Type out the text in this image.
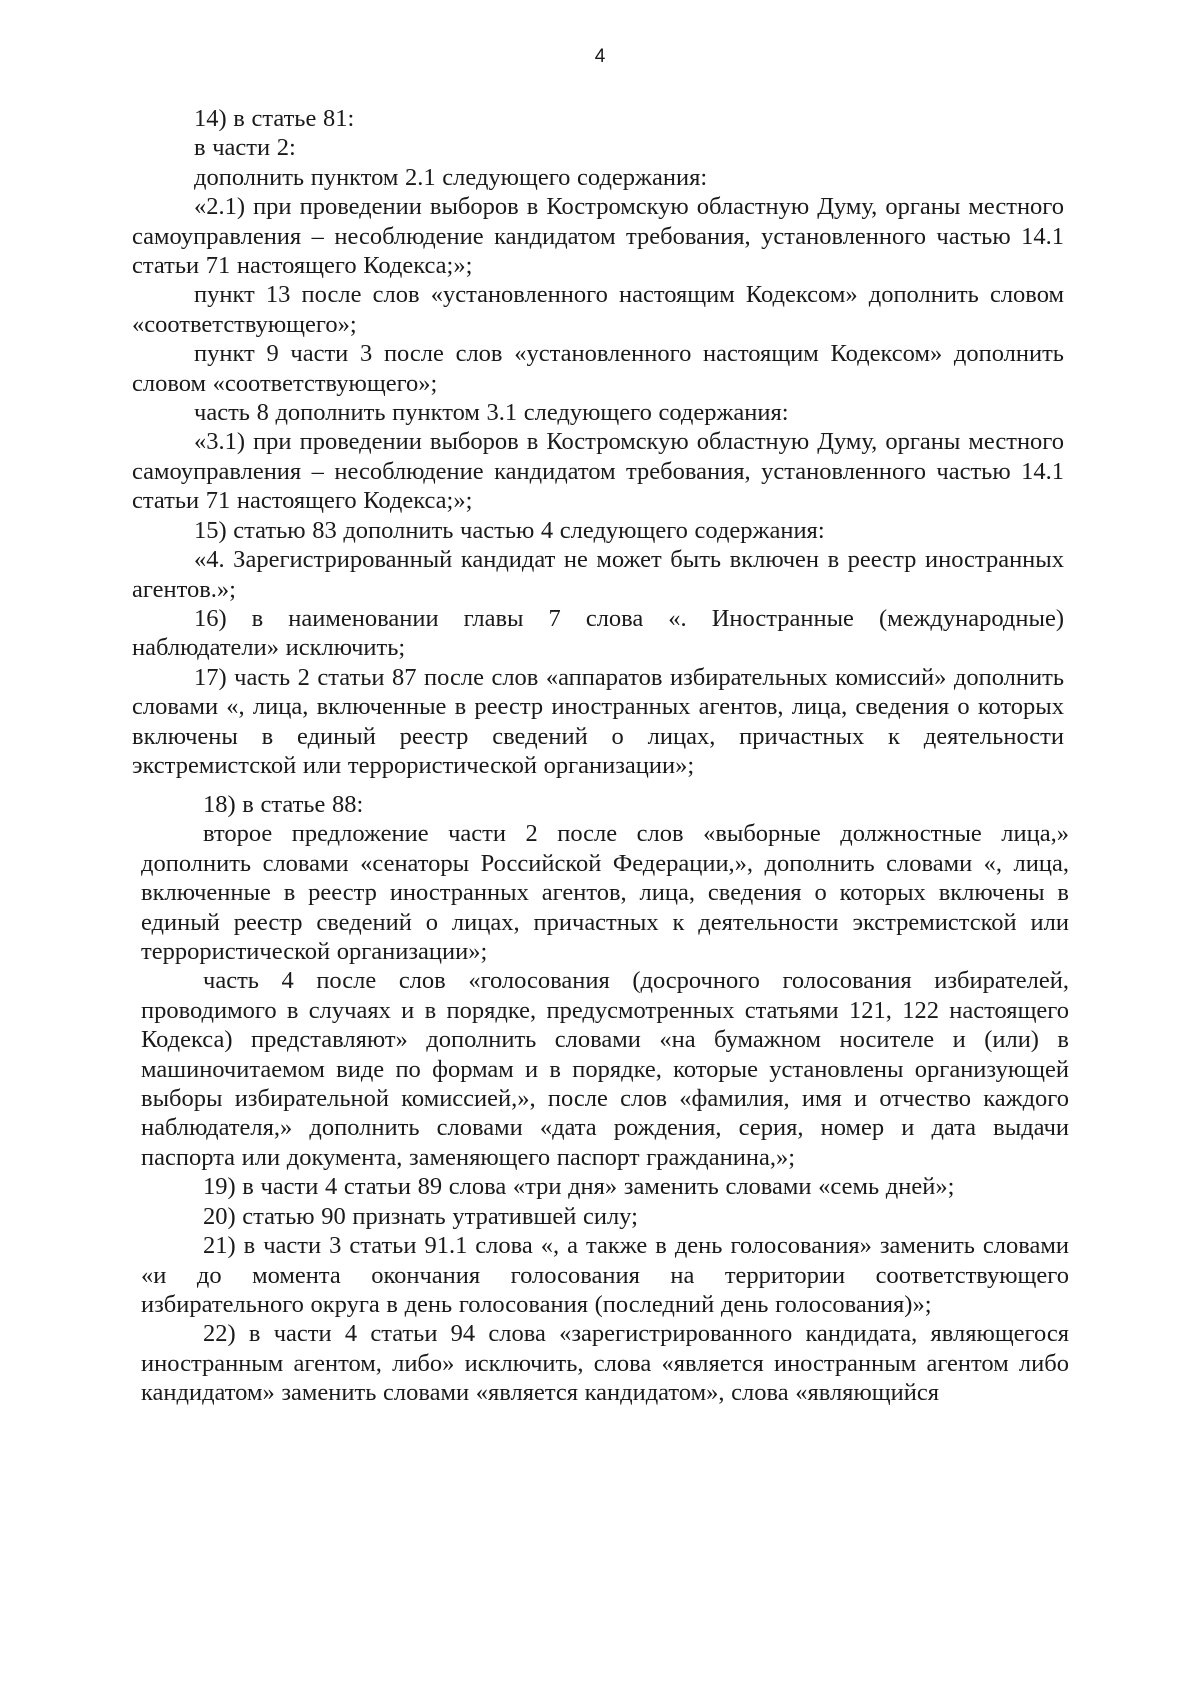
4

14) в статье 81:

в части 2:

дополнить пунктом 2.1 следующего содержания:

«2.1) при проведении выборов в Костромскую областную Думу, органы местного самоуправления – несоблюдение кандидатом требования, установленного частью 14.1 статьи 71 настоящего Кодекса;»;

пункт 13 после слов «установленного настоящим Кодексом» дополнить словом «соответствующего»;

пункт 9 части 3 после слов «установленного настоящим Кодексом» дополнить словом «соответствующего»;

часть 8 дополнить пунктом 3.1 следующего содержания:

«3.1) при проведении выборов в Костромскую областную Думу, органы местного самоуправления – несоблюдение кандидатом требования, установленного частью 14.1 статьи 71 настоящего Кодекса;»;

15) статью 83 дополнить частью 4 следующего содержания:

«4. Зарегистрированный кандидат не может быть включен в реестр иностранных агентов.»;

16) в наименовании главы 7 слова «. Иностранные (международные) наблюдатели» исключить;

17) часть 2 статьи 87 после слов «аппаратов избирательных комиссий» дополнить словами «, лица, включенные в реестр иностранных агентов, лица, сведения о которых включены в единый реестр сведений о лицах, причастных к деятельности экстремистской или террористической организации»;

18) в статье 88:

второе предложение части 2 после слов «выборные должностные лица,» дополнить словами «сенаторы Российской Федерации,», дополнить словами «, лица, включенные в реестр иностранных агентов, лица, сведения о которых включены в единый реестр сведений о лицах, причастных к деятельности экстремистской или террористической организации»;

часть 4 после слов «голосования (досрочного голосования избирателей, проводимого в случаях и в порядке, предусмотренных статьями 121, 122 настоящего Кодекса) представляют» дополнить словами «на бумажном носителе и (или) в машиночитаемом виде по формам и в порядке, которые установлены организующей выборы избирательной комиссией,», после слов «фамилия, имя и отчество каждого наблюдателя,» дополнить словами «дата рождения, серия, номер и дата выдачи паспорта или документа, заменяющего паспорт гражданина,»;

19) в части 4 статьи 89 слова «три дня» заменить словами «семь дней»;

20) статью 90 признать утратившей силу;

21) в части 3 статьи 91.1 слова «, а также в день голосования» заменить словами «и до момента окончания голосования на территории соответствующего избирательного округа в день голосования (последний день голосования)»;

22) в части 4 статьи 94 слова «зарегистрированного кандидата, являющегося иностранным агентом, либо» исключить, слова «является иностранным агентом либо кандидатом» заменить словами «является кандидатом», слова «являющийся
